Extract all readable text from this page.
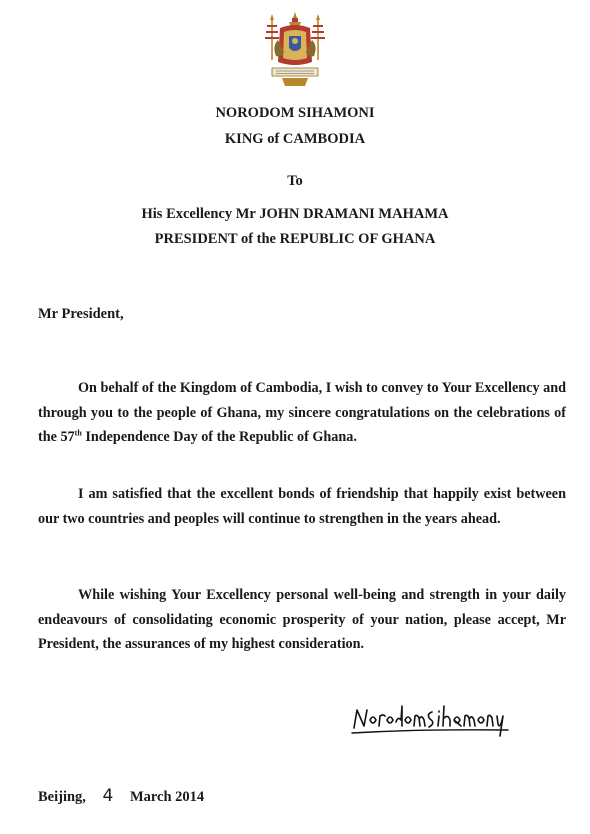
NORODOM SIHAMONI
KING of CAMBODIA
To
His Excellency Mr JOHN DRAMANI MAHAMA
PRESIDENT of the REPUBLIC OF GHANA
Mr President,

On behalf of the Kingdom of Cambodia, I wish to convey to Your Excellency and through you to the people of Ghana, my sincere congratulations on the celebrations of the 57th Independence Day of the Republic of Ghana.

I am satisfied that the excellent bonds of friendship that happily exist between our two countries and peoples will continue to strengthen in the years ahead.

While wishing Your Excellency personal well-being and strength in your daily endeavours of consolidating economic prosperity of your nation, please accept, Mr President, the assurances of my highest consideration.

Beijing, 4 March 2014
